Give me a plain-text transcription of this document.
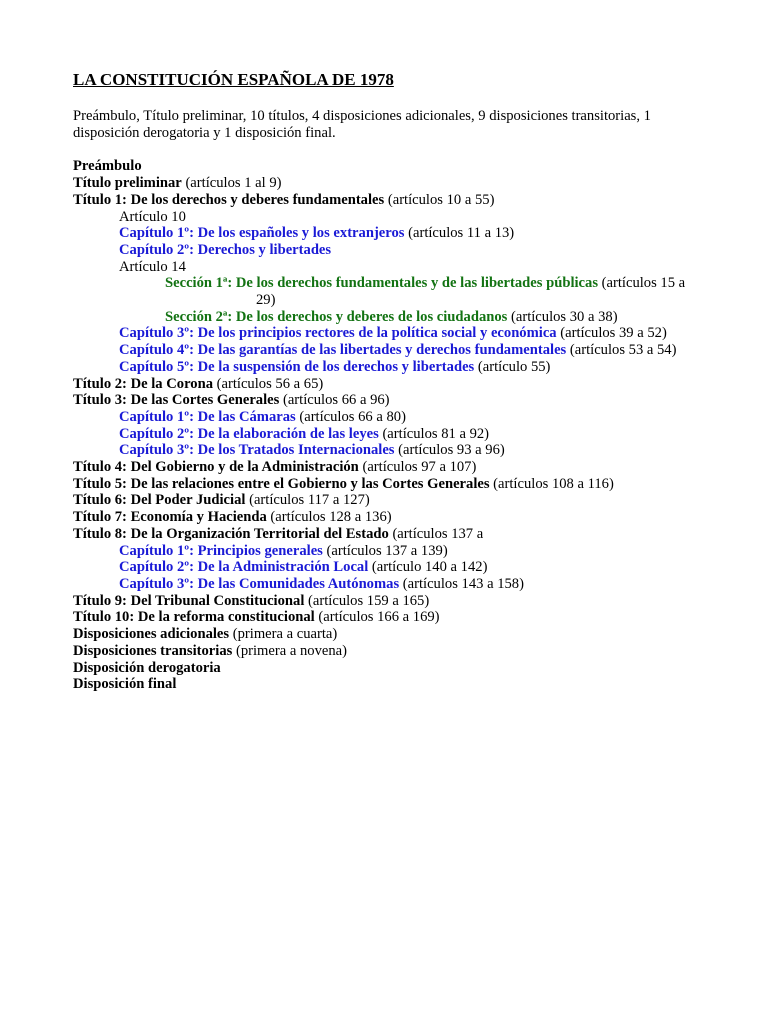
LA CONSTITUCIÓN ESPAÑOLA DE 1978

Preámbulo, Título preliminar, 10 títulos, 4 disposiciones adicionales, 9 disposiciones transitorias, 1 disposición derogatoria y 1 disposición final.

Preámbulo
Título preliminar (artículos 1 al 9)
Título 1: De los derechos y deberes fundamentales (artículos 10 a 55)
Artículo 10
Capítulo 1º: De los españoles y los extranjeros (artículos 11 a 13)
Capítulo 2º: Derechos y libertades
Artículo 14
Sección 1ª: De los derechos fundamentales y de las libertades públicas (artículos 15 a 29)
Sección 2ª: De los derechos y deberes de los ciudadanos (artículos 30 a 38)
Capítulo 3º: De los principios rectores de la política social y económica (artículos 39 a 52)
Capítulo 4º: De las garantías de las libertades y derechos fundamentales (artículos 53 a 54)
Capítulo 5º: De la suspensión de los derechos y libertades (artículo 55)
Título 2: De la Corona (artículos 56 a 65)
Título 3: De las Cortes Generales (artículos 66 a 96)
Capítulo 1º: De las Cámaras (artículos 66 a 80)
Capítulo 2º: De la elaboración de las leyes (artículos 81 a 92)
Capítulo 3º: De los Tratados Internacionales (artículos 93 a 96)
Título 4: Del Gobierno y de la Administración (artículos 97 a 107)
Título 5: De las relaciones entre el Gobierno y las Cortes Generales (artículos 108 a 116)
Título 6: Del Poder Judicial (artículos 117 a 127)
Título 7: Economía y Hacienda (artículos 128 a 136)
Título 8: De la Organización Territorial del Estado (artículos 137 a
Capítulo 1º: Principios generales (artículos 137 a 139)
Capítulo 2º: De la Administración Local (artículo 140 a 142)
Capítulo 3º: De las Comunidades Autónomas (artículos 143 a 158)
Título 9: Del Tribunal Constitucional (artículos 159 a 165)
Título 10: De la reforma constitucional (artículos 166 a 169)
Disposiciones adicionales (primera a cuarta)
Disposiciones transitorias (primera a novena)
Disposición derogatoria
Disposición final
